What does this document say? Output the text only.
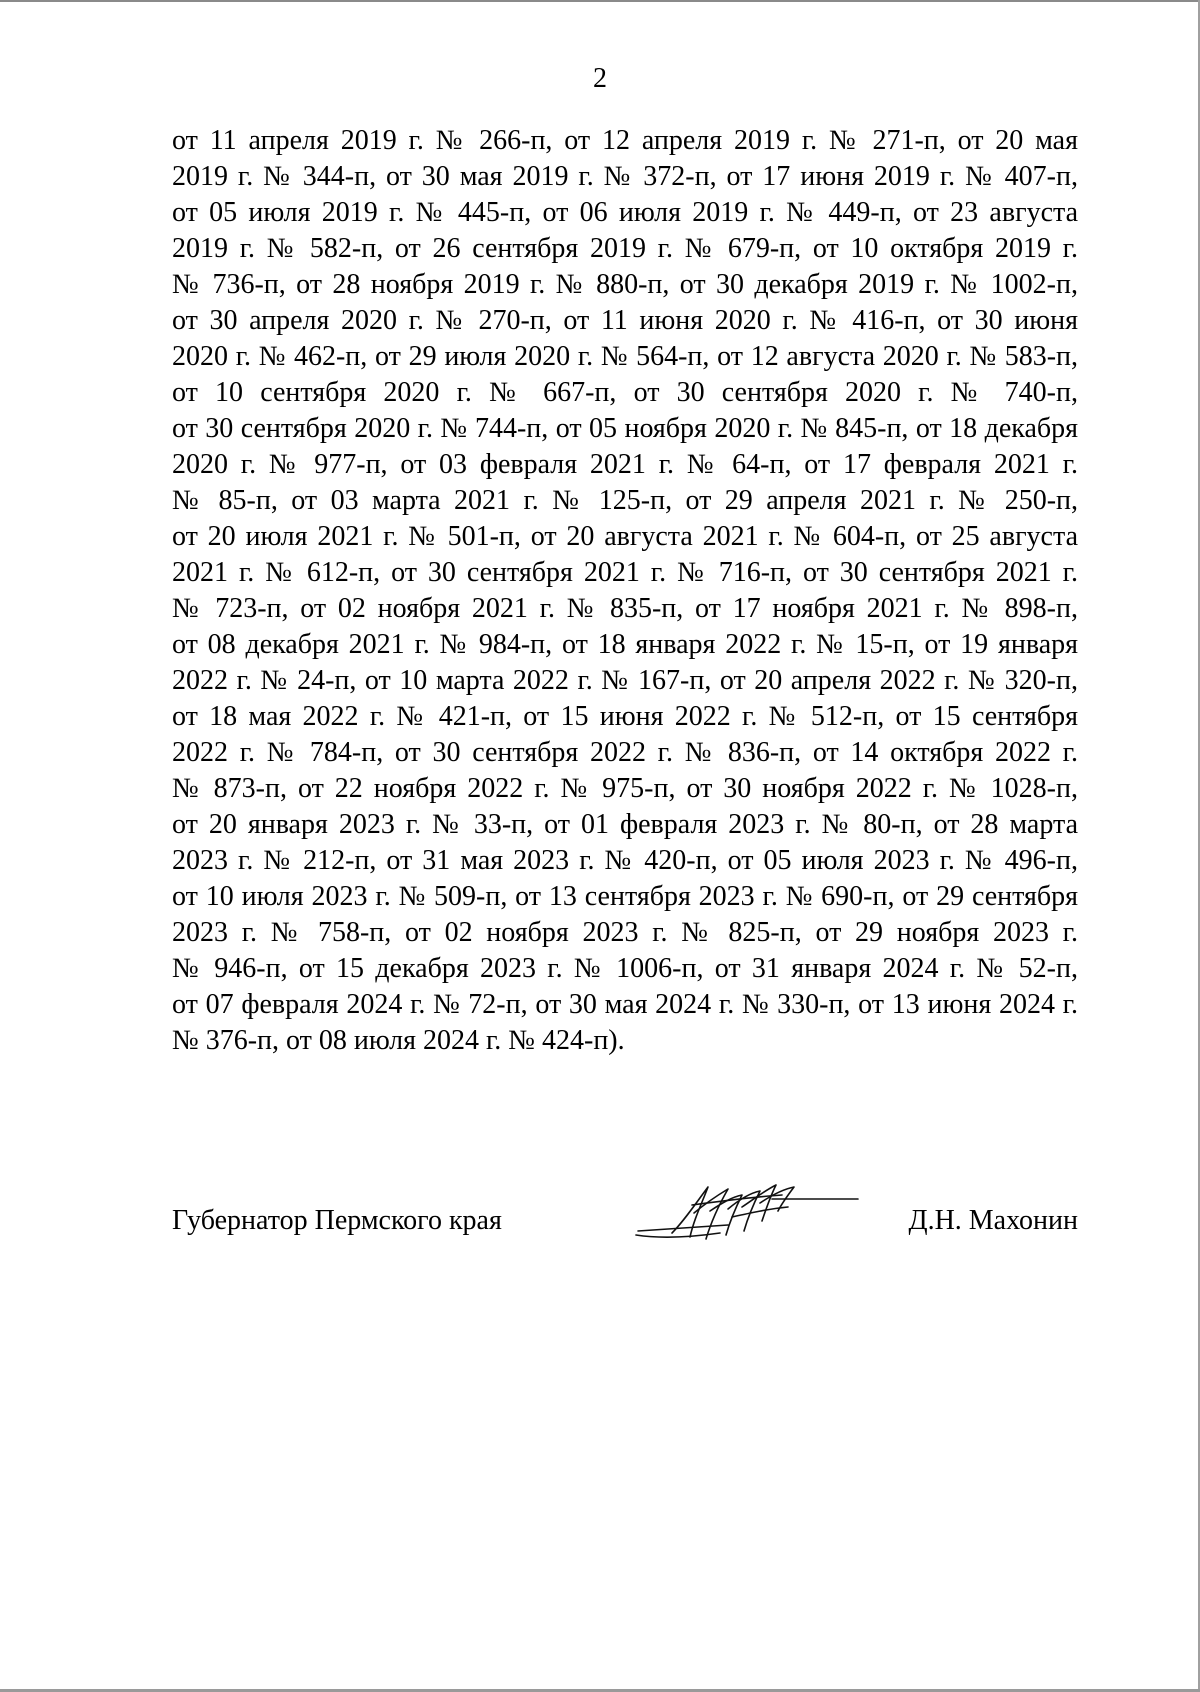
2
от 11 апреля 2019 г. № 266-п, от 12 апреля 2019 г. № 271-п, от 20 мая
2019 г. № 344-п, от 30 мая 2019 г. № 372-п, от 17 июня 2019 г. № 407-п,
от 05 июля 2019 г. № 445-п, от 06 июля 2019 г. № 449-п, от 23 августа
2019 г. № 582-п, от 26 сентября 2019 г. № 679-п, от 10 октября 2019 г.
№ 736-п, от 28 ноября 2019 г. № 880-п, от 30 декабря 2019 г. № 1002-п,
от 30 апреля 2020 г. № 270-п, от 11 июня 2020 г. № 416-п, от 30 июня
2020 г. № 462-п, от 29 июля 2020 г. № 564-п, от 12 августа 2020 г. № 583-п,
от 10 сентября 2020 г. № 667-п, от 30 сентября 2020 г. № 740-п,
от 30 сентября 2020 г. № 744-п, от 05 ноября 2020 г. № 845-п, от 18 декабря
2020 г. № 977-п, от 03 февраля 2021 г. № 64-п, от 17 февраля 2021 г.
№ 85-п, от 03 марта 2021 г. № 125-п, от 29 апреля 2021 г. № 250-п,
от 20 июля 2021 г. № 501-п, от 20 августа 2021 г. № 604-п, от 25 августа
2021 г. № 612-п, от 30 сентября 2021 г. № 716-п, от 30 сентября 2021 г.
№ 723-п, от 02 ноября 2021 г. № 835-п, от 17 ноября 2021 г. № 898-п,
от 08 декабря 2021 г. № 984-п, от 18 января 2022 г. № 15-п, от 19 января
2022 г. № 24-п, от 10 марта 2022 г. № 167-п, от 20 апреля 2022 г. № 320-п,
от 18 мая 2022 г. № 421-п, от 15 июня 2022 г. № 512-п, от 15 сентября
2022 г. № 784-п, от 30 сентября 2022 г. № 836-п, от 14 октября 2022 г.
№ 873-п, от 22 ноября 2022 г. № 975-п, от 30 ноября 2022 г. № 1028-п,
от 20 января 2023 г. № 33-п, от 01 февраля 2023 г. № 80-п, от 28 марта
2023 г. № 212-п, от 31 мая 2023 г. № 420-п, от 05 июля 2023 г. № 496-п,
от 10 июля 2023 г. № 509-п, от 13 сентября 2023 г. № 690-п, от 29 сентября
2023 г. № 758-п, от 02 ноября 2023 г. № 825-п, от 29 ноября 2023 г.
№ 946-п, от 15 декабря 2023 г. № 1006-п, от 31 января 2024 г. № 52-п,
от 07 февраля 2024 г. № 72-п, от 30 мая 2024 г. № 330-п, от 13 июня 2024 г.
№ 376-п, от 08 июля 2024 г. № 424-п).
Губернатор Пермского края	Д.Н. Махонин
